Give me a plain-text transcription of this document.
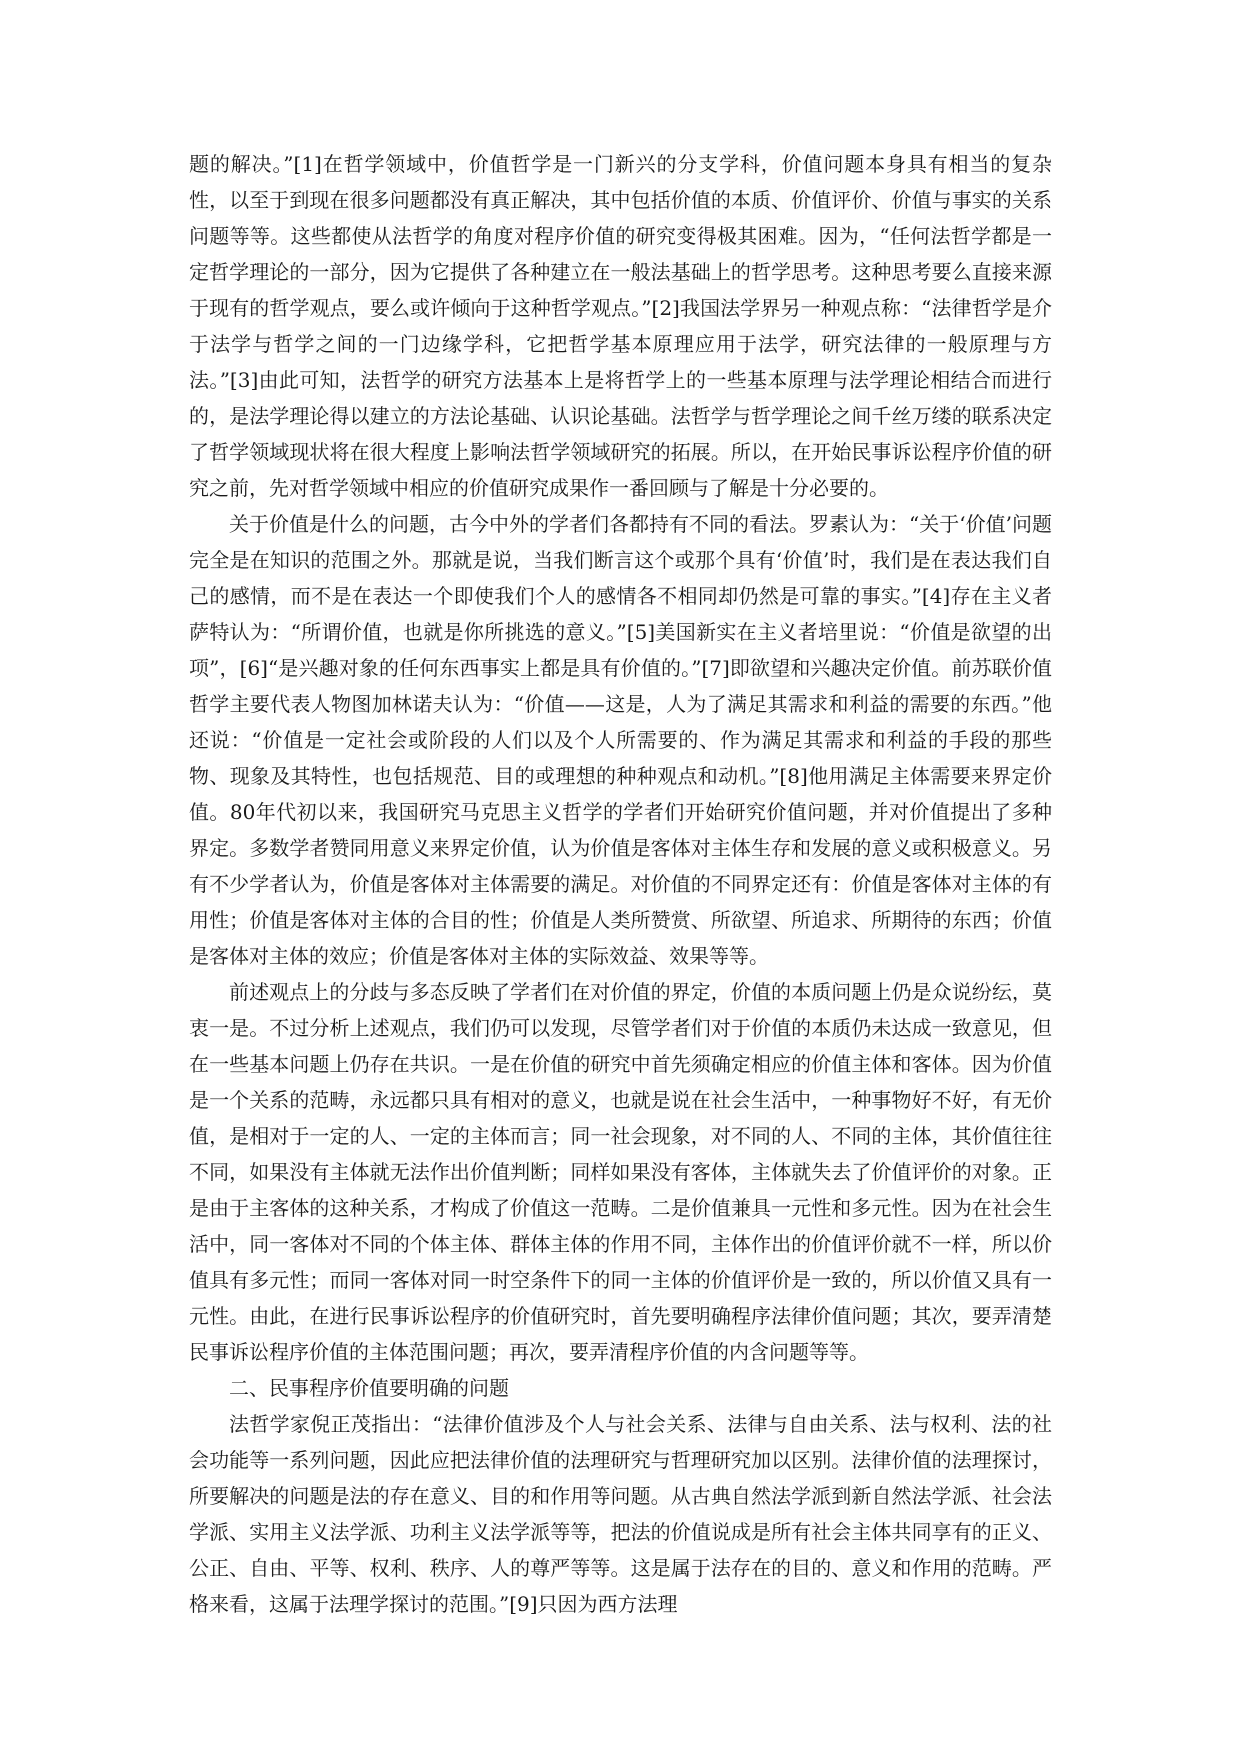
题的解决。”[1]在哲学领域中，价值哲学是一门新兴的分支学科，价值问题本身具有相当的复杂性，以至于到现在很多问题都没有真正解决，其中包括价值的本质、价值评价、价值与事实的关系问题等等。这些都使从法哲学的角度对程序价值的研究变得极其困难。因为，“任何法哲学都是一定哲学理论的一部分，因为它提供了各种建立在一般法基础上的哲学思考。这种思考要么直接来源于现有的哲学观点，要么或许倾向于这种哲学观点。”[2]我国法学界另一种观点称：“法律哲学是介于法学与哲学之间的一门边缘学科，它把哲学基本原理应用于法学，研究法律的一般原理与方法。”[3]由此可知，法哲学的研究方法基本上是将哲学上的一些基本原理与法学理论相结合而进行的，是法学理论得以建立的方法论基础、认识论基础。法哲学与哲学理论之间千丝万缕的联系决定了哲学领域现状将在很大程度上影响法哲学领域研究的拓展。所以，在开始民事诉讼程序价值的研究之前，先对哲学领域中相应的价值研究成果作一番回顾与了解是十分必要的。

关于价值是什么的问题，古今中外的学者们各都持有不同的看法。罗素认为：“关于‘价值’问题完全是在知识的范围之外。那就是说，当我们断言这个或那个具有‘价值’时，我们是在表达我们自己的感情，而不是在表达一个即使我们个人的感情各不相同却仍然是可靠的事实。”[4]存在主义者萨特认为：“所谓价值，也就是你所挑选的意义。”[5]美国新实在主义者培里说：“价值是欲望的出项”，[6]“是兴趣对象的任何东西事实上都是具有价值的。”[7]即欲望和兴趣决定价值。前苏联价值哲学主要代表人物图加林诺夫认为：“价值——这是，人为了满足其需求和利益的需要的东西。”他还说：“价值是一定社会或阶段的人们以及个人所需要的、作为满足其需求和利益的手段的那些物、现象及其特性，也包括规范、目的或理想的种种观点和动机。”[8]他用满足主体需要来界定价值。80年代初以来，我国研究马克思主义哲学的学者们开始研究价值问题，并对价值提出了多种界定。多数学者赞同用意义来界定价值，认为价值是客体对主体生存和发展的意义或积极意义。另有不少学者认为，价值是客体对主体需要的满足。对价值的不同界定还有：价值是客体对主体的有用性；价值是客体对主体的合目的性；价值是人类所赞赏、所欲望、所追求、所期待的东西；价值是客体对主体的效应；价值是客体对主体的实际效益、效果等等。

前述观点上的分歧与多态反映了学者们在对价值的界定，价值的本质问题上仍是众说纷纭，莫衷一是。不过分析上述观点，我们仍可以发现，尽管学者们对于价值的本质仍未达成一致意见，但在一些基本问题上仍存在共识。一是在价值的研究中首先须确定相应的价值主体和客体。因为价值是一个关系的范畴，永远都只具有相对的意义，也就是说在社会生活中，一种事物好不好，有无价值，是相对于一定的人、一定的主体而言；同一社会现象，对不同的人、不同的主体，其价值往往不同，如果没有主体就无法作出价值判断；同样如果没有客体，主体就失去了价值评价的对象。正是由于主客体的这种关系，才构成了价值这一范畴。二是价值兼具一元性和多元性。因为在社会生活中，同一客体对不同的个体主体、群体主体的作用不同，主体作出的价值评价就不一样，所以价值具有多元性；而同一客体对同一时空条件下的同一主体的价值评价是一致的，所以价值又具有一元性。由此，在进行民事诉讼程序的价值研究时，首先要明确程序法律价值问题；其次，要弄清楚民事诉讼程序价值的主体范围问题；再次，要弄清程序价值的内含问题等等。

二、民事程序价值要明确的问题

法哲学家倪正茂指出：“法律价值涉及个人与社会关系、法律与自由关系、法与权利、法的社会功能等一系列问题，因此应把法律价值的法理研究与哲理研究加以区别。法律价值的法理探讨，所要解决的问题是法的存在意义、目的和作用等问题。从古典自然法学派到新自然法学派、社会法学派、实用主义法学派、功利主义法学派等等，把法的价值说成是所有社会主体共同享有的正义、公正、自由、平等、权利、秩序、人的尊严等等。这是属于法存在的目的、意义和作用的范畴。严格来看，这属于法理学探讨的范围。”[9]只因为西方法理
